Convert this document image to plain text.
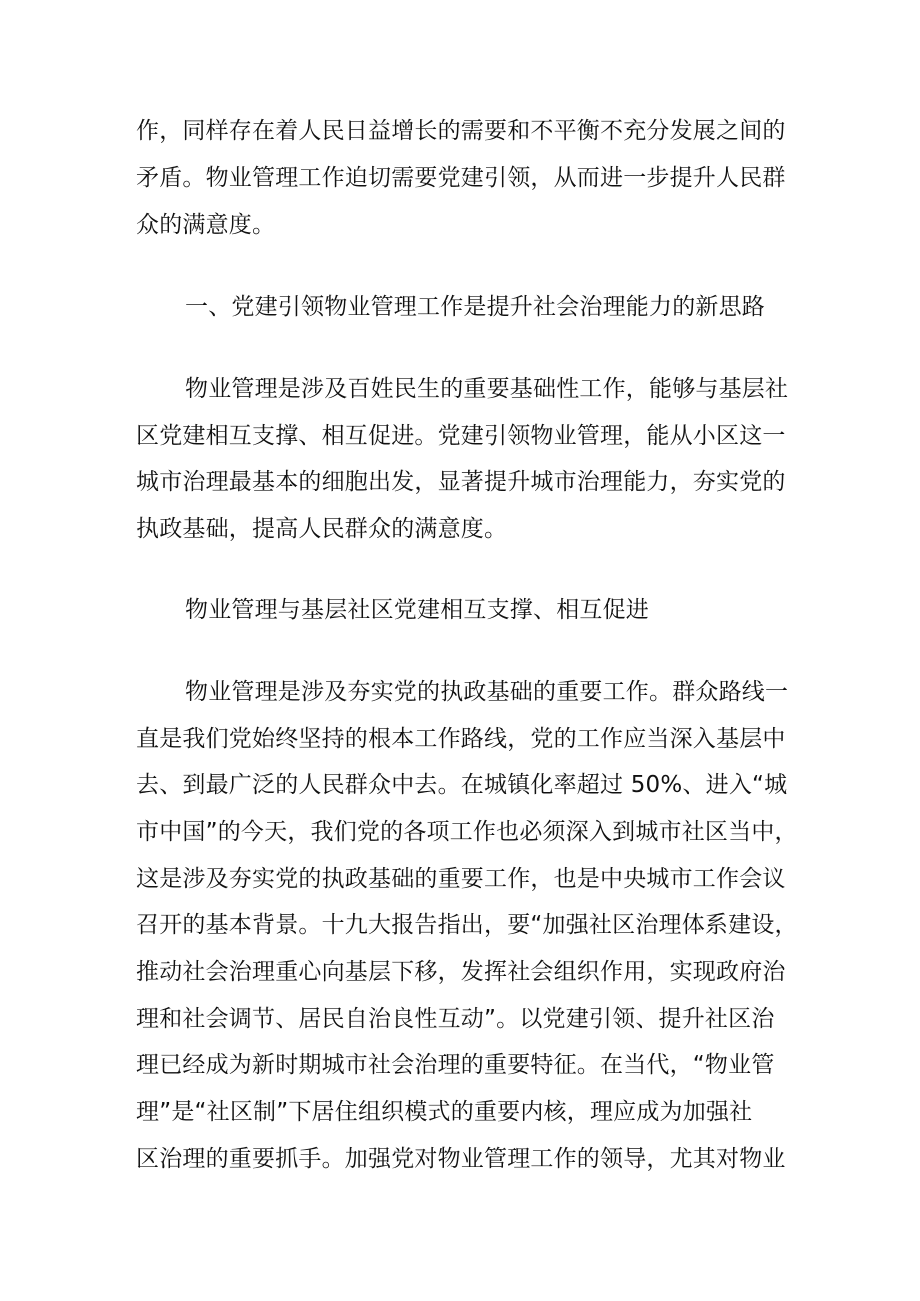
作，同样存在着人民日益增长的需要和不平衡不充分发展之间的
矛盾。物业管理工作迫切需要党建引领，从而进一步提升人民群
众的满意度。
一、党建引领物业管理工作是提升社会治理能力的新思路
物业管理是涉及百姓民生的重要基础性工作，能够与基层社
区党建相互支撑、相互促进。党建引领物业管理，能从小区这一
城市治理最基本的细胞出发，显著提升城市治理能力，夯实党的
执政基础，提高人民群众的满意度。
物业管理与基层社区党建相互支撑、相互促进
物业管理是涉及夯实党的执政基础的重要工作。群众路线一
直是我们党始终坚持的根本工作路线，党的工作应当深入基层中
去、到最广泛的人民群众中去。在城镇化率超过 50%、进入“城
市中国”的今天，我们党的各项工作也必须深入到城市社区当中，
这是涉及夯实党的执政基础的重要工作，也是中央城市工作会议
召开的基本背景。十九大报告指出，要“加强社区治理体系建设，
推动社会治理重心向基层下移，发挥社会组织作用，实现政府治
理和社会调节、居民自治良性互动”。以党建引领、提升社区治
理已经成为新时期城市社会治理的重要特征。在当代，“物业管
理”是“社区制”下居住组织模式的重要内核，理应成为加强社
区治理的重要抓手。加强党对物业管理工作的领导，尤其对物业
